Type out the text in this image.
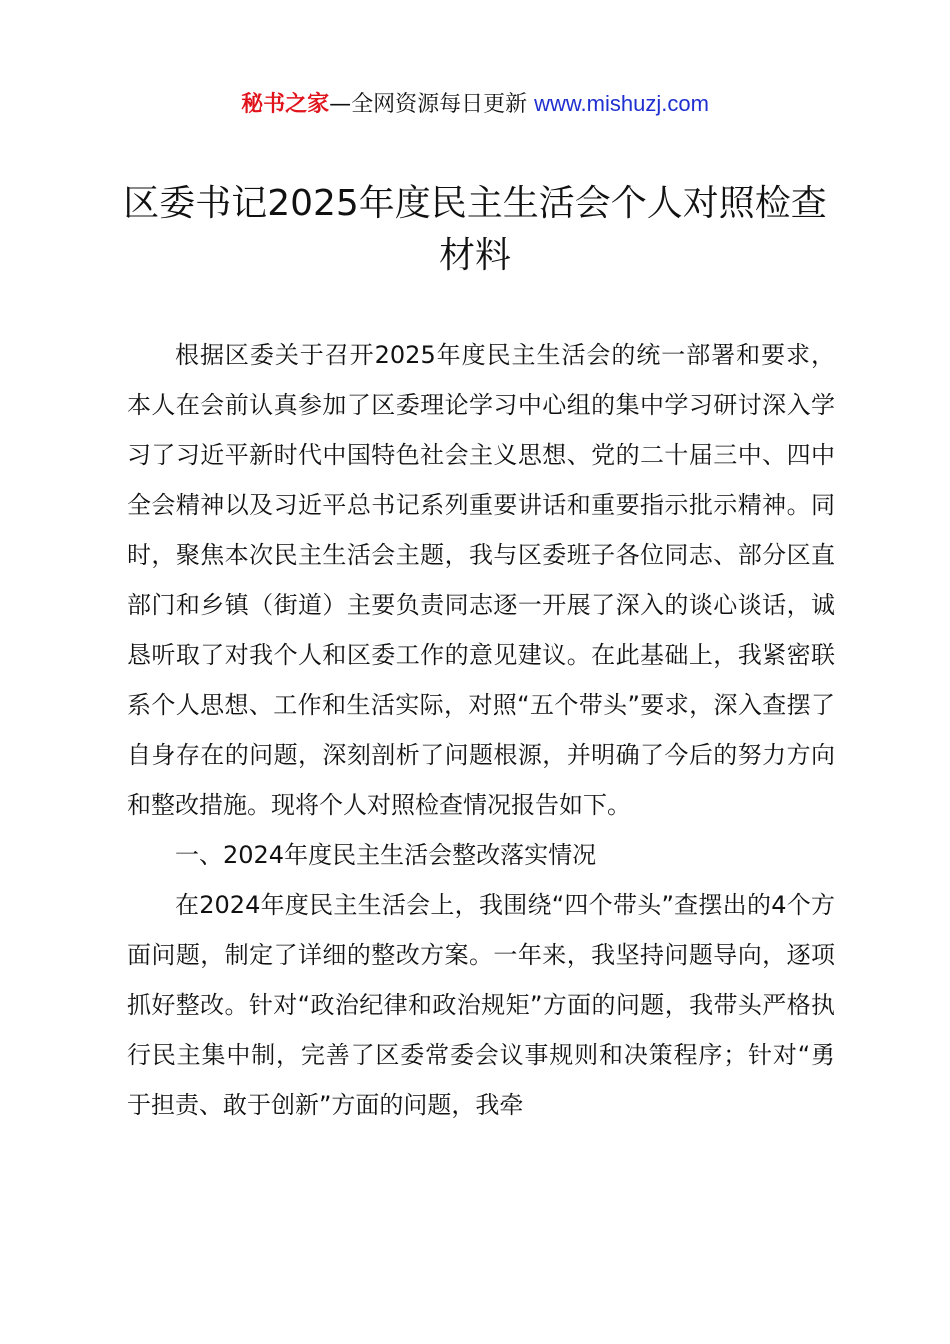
秘书之家—全网资源每日更新 www.mishuzj.com
区委书记2025年度民主生活会个人对照检查材料

根据区委关于召开2025年度民主生活会的统一部署和要求，本人在会前认真参加了区委理论学习中心组的集中学习研讨深入学习了习近平新时代中国特色社会主义思想、党的二十届三中、四中全会精神以及习近平总书记系列重要讲话和重要指示批示精神。同时，聚焦本次民主生活会主题，我与区委班子各位同志、部分区直部门和乡镇（街道）主要负责同志逐一开展了深入的谈心谈话，诚恳听取了对我个人和区委工作的意见建议。在此基础上，我紧密联系个人思想、工作和生活实际，对照“五个带头”要求，深入查摆了自身存在的问题，深刻剖析了问题根源，并明确了今后的努力方向和整改措施。现将个人对照检查情况报告如下。

一、2024年度民主生活会整改落实情况

在2024年度民主生活会上，我围绕“四个带头”查摆出的4个方面问题，制定了详细的整改方案。一年来，我坚持问题导向，逐项抓好整改。针对“政治纪律和政治规矩”方面的问题，我带头严格执行民主集中制，完善了区委常委会议事规则和决策程序；针对“勇于担责、敢于创新”方面的问题，我牵
